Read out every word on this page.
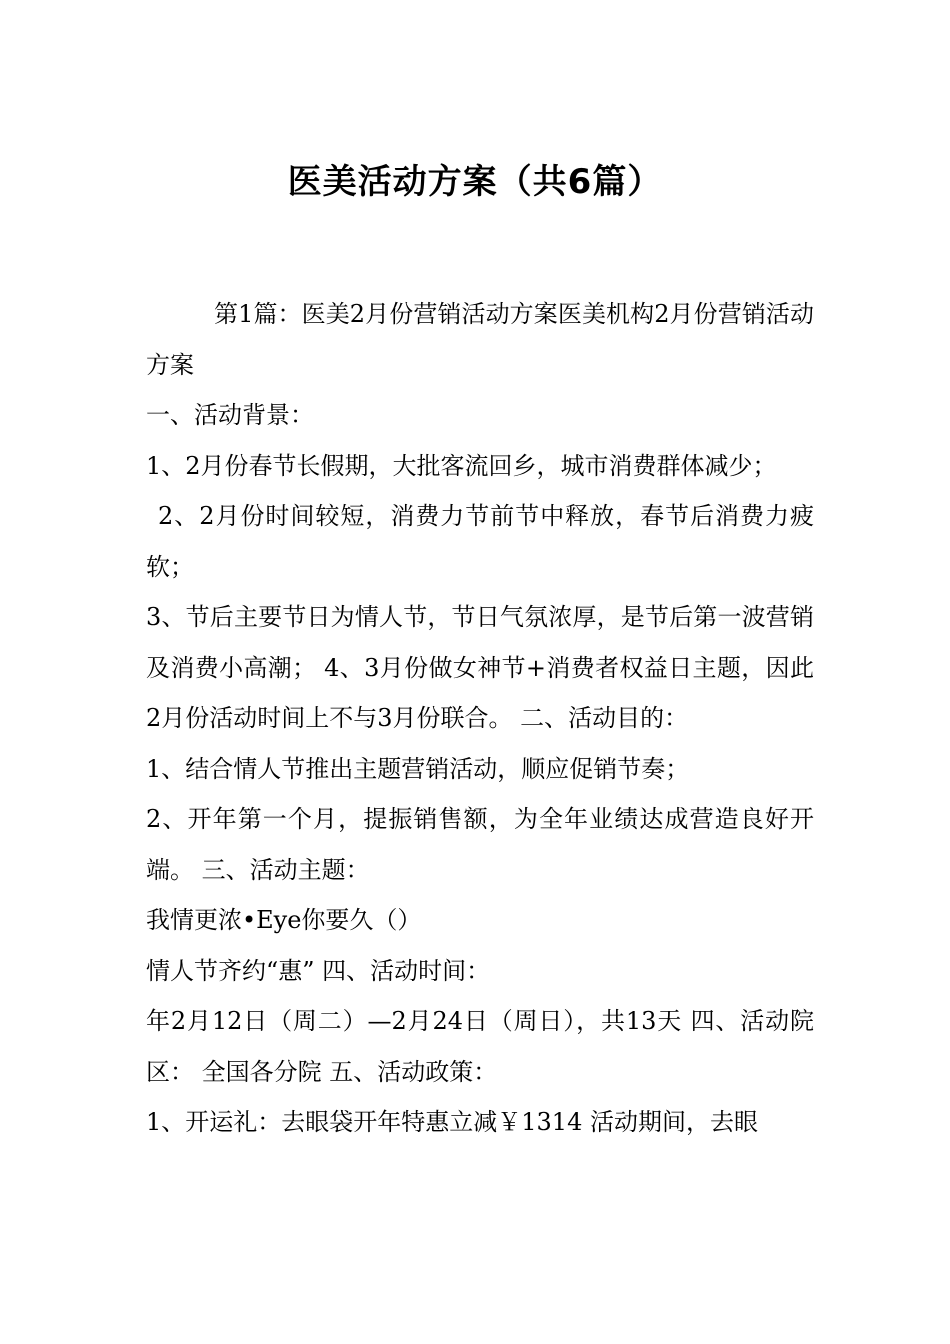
医美活动方案（共6篇）

第1篇：医美2月份营销活动方案医美机构2月份营销活动方案

一、活动背景：

1、2月份春节长假期，大批客流回乡，城市消费群体减少；

2、2月份时间较短，消费力节前节中释放，春节后消费力疲软；

3、节后主要节日为情人节，节日气氛浓厚，是节后第一波营销及消费小高潮； 4、3月份做女神节+消费者权益日主题，因此2月份活动时间上不与3月份联合。 二、活动目的：

1、结合情人节推出主题营销活动，顺应促销节奏；

2、开年第一个月，提振销售额，为全年业绩达成营造良好开端。 三、活动主题：

我情更浓•Eye你要久（）

情人节齐约“惠” 四、活动时间：

年2月12日（周二）—2月24日（周日），共13天 四、活动院区： 全国各分院 五、活动政策：

1、开运礼：去眼袋开年特惠立减￥1314 活动期间，去眼
